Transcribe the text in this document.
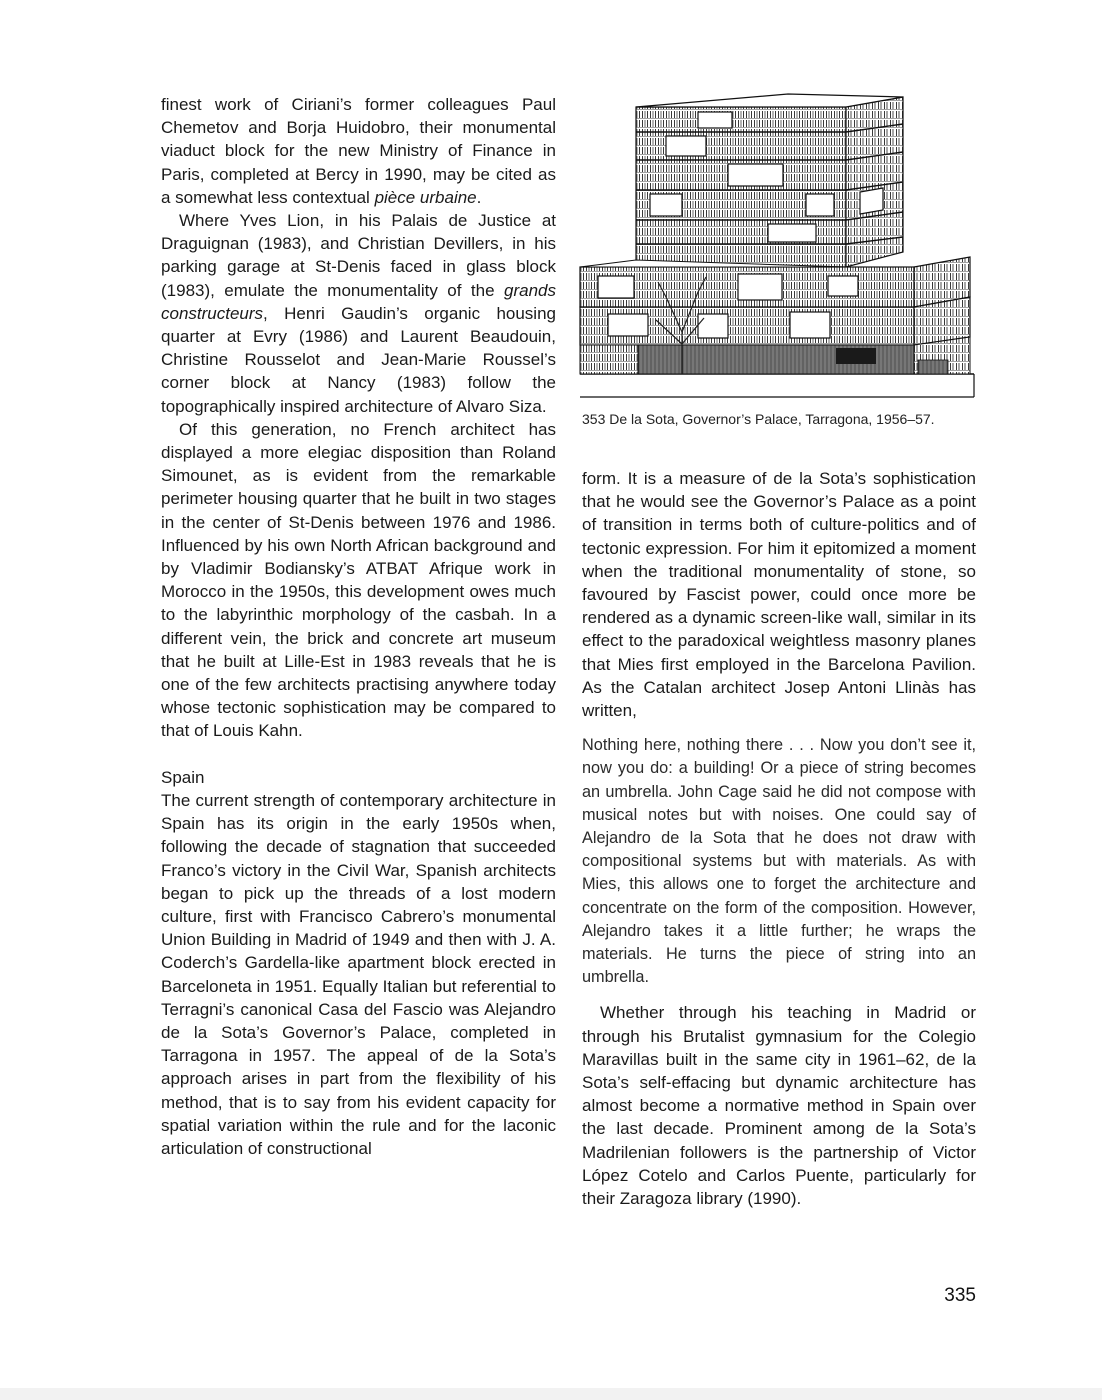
finest work of Ciriani’s former colleagues Paul Chemetov and Borja Huidobro, their monumental viaduct block for the new Ministry of Finance in Paris, completed at Bercy in 1990, may be cited as a somewhat less contextual pièce urbaine.

Where Yves Lion, in his Palais de Justice at Draguignan (1983), and Christian Devillers, in his parking garage at St-Denis faced in glass block (1983), emulate the monumentality of the grands constructeurs, Henri Gaudin’s organic housing quarter at Evry (1986) and Laurent Beaudouin, Christine Rousselot and Jean-Marie Roussel’s corner block at Nancy (1983) follow the topographically inspired architecture of Alvaro Siza.

Of this generation, no French architect has displayed a more elegiac disposition than Roland Simounet, as is evident from the remarkable perimeter housing quarter that he built in two stages in the center of St-Denis between 1976 and 1986. Influenced by his own North African background and by Vladimir Bodiansky’s ATBAT Afrique work in Morocco in the 1950s, this development owes much to the labyrinthic morphology of the casbah. In a different vein, the brick and concrete art museum that he built at Lille-Est in 1983 reveals that he is one of the few architects practising anywhere today whose tectonic sophistication may be compared to that of Louis Kahn.

Spain

The current strength of contemporary architecture in Spain has its origin in the early 1950s when, following the decade of stagnation that succeeded Franco’s victory in the Civil War, Spanish architects began to pick up the threads of a lost modern culture, first with Francisco Cabrero’s monumental Union Building in Madrid of 1949 and then with J. A. Coderch’s Gardella-like apartment block erected in Barceloneta in 1951. Equally Italian but referential to Terragni’s canonical Casa del Fascio was Alejandro de la Sota’s Governor’s Palace, completed in Tarragona in 1957. The appeal of de la Sota’s approach arises in part from the flexibility of his method, that is to say from his evident capacity for spatial variation within the rule and for the laconic articulation of constructional

353 De la Sota, Governor’s Palace, Tarragona, 1956–57.

form. It is a measure of de la Sota’s sophistication that he would see the Governor’s Palace as a point of transition in terms both of culture-politics and of tectonic expression. For him it epitomized a moment when the traditional monumentality of stone, so favoured by Fascist power, could once more be rendered as a dynamic screen-like wall, similar in its effect to the paradoxical weightless masonry planes that Mies first employed in the Barcelona Pavilion. As the Catalan architect Josep Antoni Llinàs has written,

Nothing here, nothing there . . . Now you don’t see it, now you do: a building! Or a piece of string becomes an umbrella. John Cage said he did not compose with musical notes but with noises. One could say of Alejandro de la Sota that he does not draw with compositional systems but with materials. As with Mies, this allows one to forget the architecture and concentrate on the form of the composition. However, Alejandro takes it a little further; he wraps the materials. He turns the piece of string into an umbrella.

Whether through his teaching in Madrid or through his Brutalist gymnasium for the Colegio Maravillas built in the same city in 1961–62, de la Sota’s self-effacing but dynamic architecture has almost become a normative method in Spain over the last decade. Prominent among de la Sota’s Madrilenian followers is the partnership of Victor López Cotelo and Carlos Puente, particularly for their Zaragoza library (1990).

335
